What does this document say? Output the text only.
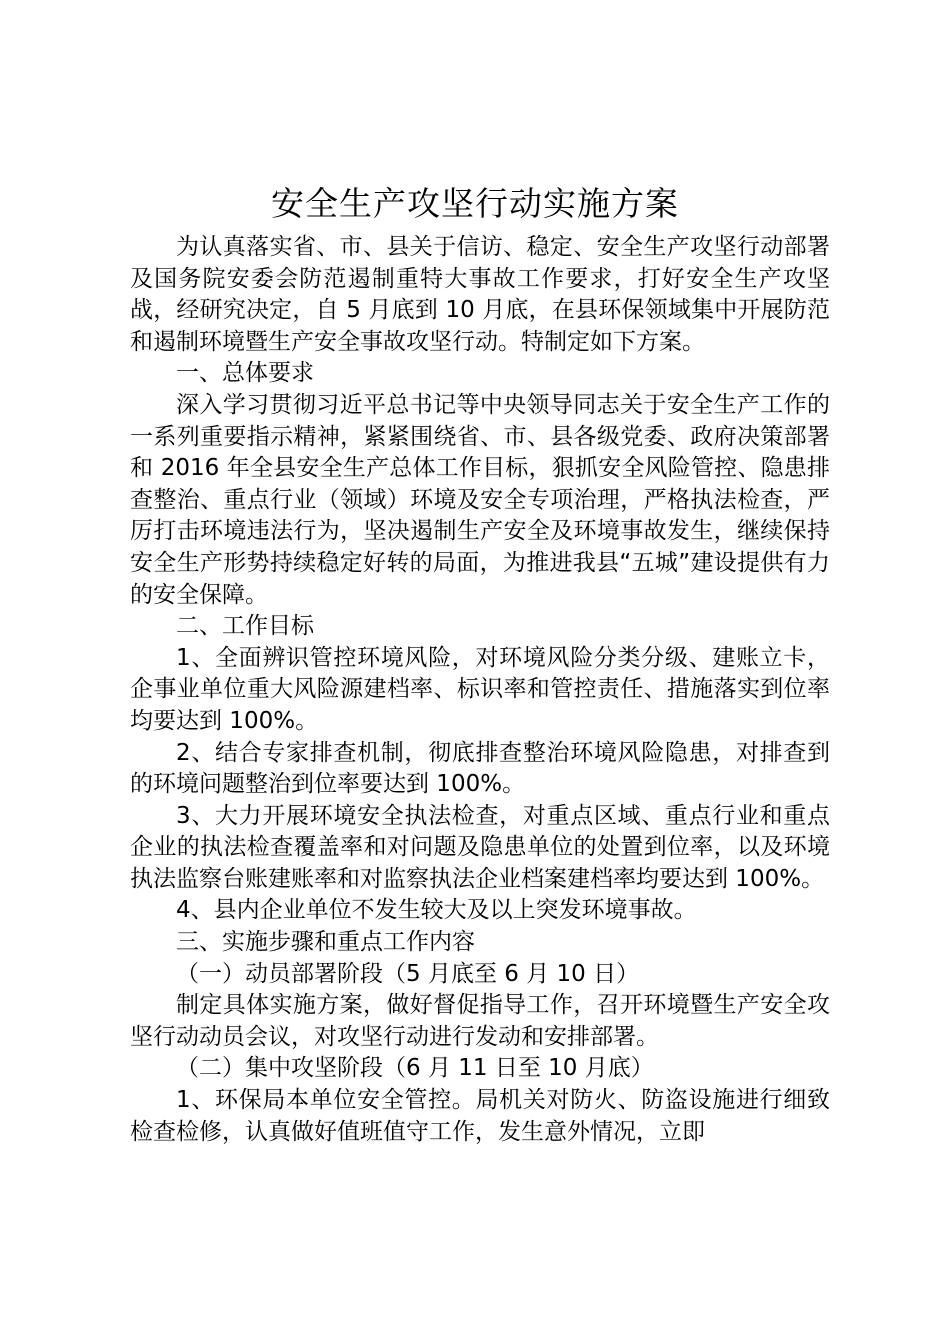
安全生产攻坚行动实施方案

为认真落实省、市、县关于信访、稳定、安全生产攻坚行动部署及国务院安委会防范遏制重特大事故工作要求，打好安全生产攻坚战，经研究决定，自 5 月底到 10 月底，在县环保领域集中开展防范和遏制环境暨生产安全事故攻坚行动。特制定如下方案。

一、总体要求

深入学习贯彻习近平总书记等中央领导同志关于安全生产工作的一系列重要指示精神，紧紧围绕省、市、县各级党委、政府决策部署和 2016 年全县安全生产总体工作目标，狠抓安全风险管控、隐患排查整治、重点行业（领域）环境及安全专项治理，严格执法检查，严厉打击环境违法行为，坚决遏制生产安全及环境事故发生，继续保持安全生产形势持续稳定好转的局面，为推进我县“五城”建设提供有力的安全保障。

二、工作目标

1、全面辨识管控环境风险，对环境风险分类分级、建账立卡，企事业单位重大风险源建档率、标识率和管控责任、措施落实到位率均要达到 100%。

2、结合专家排查机制，彻底排查整治环境风险隐患，对排查到的环境问题整治到位率要达到 100%。

3、大力开展环境安全执法检查，对重点区域、重点行业和重点企业的执法检查覆盖率和对问题及隐患单位的处置到位率，以及环境执法监察台账建账率和对监察执法企业档案建档率均要达到 100%。

4、县内企业单位不发生较大及以上突发环境事故。

三、实施步骤和重点工作内容

（一）动员部署阶段（5 月底至 6 月 10 日）

制定具体实施方案，做好督促指导工作，召开环境暨生产安全攻坚行动动员会议，对攻坚行动进行发动和安排部署。

（二）集中攻坚阶段（6 月 11 日至 10 月底）

1、环保局本单位安全管控。局机关对防火、防盗设施进行细致检查检修，认真做好值班值守工作，发生意外情况，立即
